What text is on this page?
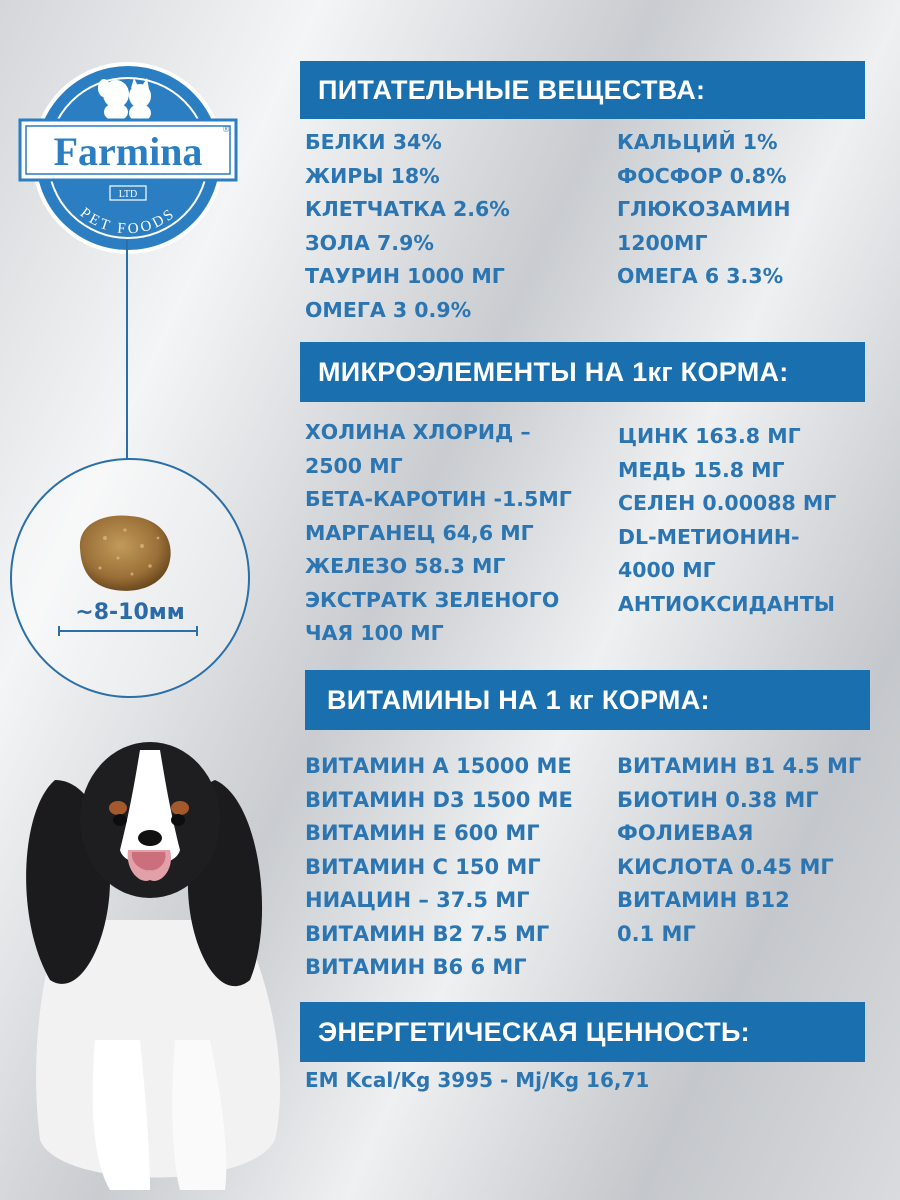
Farmina ®
LTD
PET FOODS
~8-10мм
ПИТАТЕЛЬНЫЕ ВЕЩЕСТВА:
БЕЛКИ 34%
ЖИРЫ 18%
КЛЕТЧАТКА 2.6%
ЗОЛА 7.9%
ТАУРИН 1000 МГ
ОМЕГА 3 0.9%
КАЛЬЦИЙ 1%
ФОСФОР 0.8%
ГЛЮКОЗАМИН
1200МГ
ОМЕГА 6 3.3%
МИКРОЭЛЕМЕНТЫ НА 1кг КОРМА:
ХОЛИНА ХЛОРИД –
2500 МГ
БЕТА-КАРОТИН -1.5МГ
МАРГАНЕЦ 64,6 МГ
ЖЕЛЕЗО 58.3 МГ
ЭКСТРАТК ЗЕЛЕНОГО
ЧАЯ 100 МГ
ЦИНК 163.8 МГ
МЕДЬ 15.8 МГ
СЕЛЕН 0.00088 МГ
DL-МЕТИОНИН-
4000 МГ
АНТИОКСИДАНТЫ
ВИТАМИНЫ НА 1 кг КОРМА:
ВИТАМИН А 15000 МЕ
ВИТАМИН D3 1500 МЕ
ВИТАМИН Е 600 МГ
ВИТАМИН С 150 МГ
НИАЦИН – 37.5 МГ
ВИТАМИН В2 7.5 МГ
ВИТАМИН В6 6 МГ
ВИТАМИН В1 4.5 МГ
БИОТИН 0.38 МГ
ФОЛИЕВАЯ
КИСЛОТА 0.45 МГ
ВИТАМИН В12
0.1 МГ
ЭНЕРГЕТИЧЕСКАЯ ЦЕННОСТЬ:
EM Kcal/Kg 3995 - Mj/Kg 16,71
